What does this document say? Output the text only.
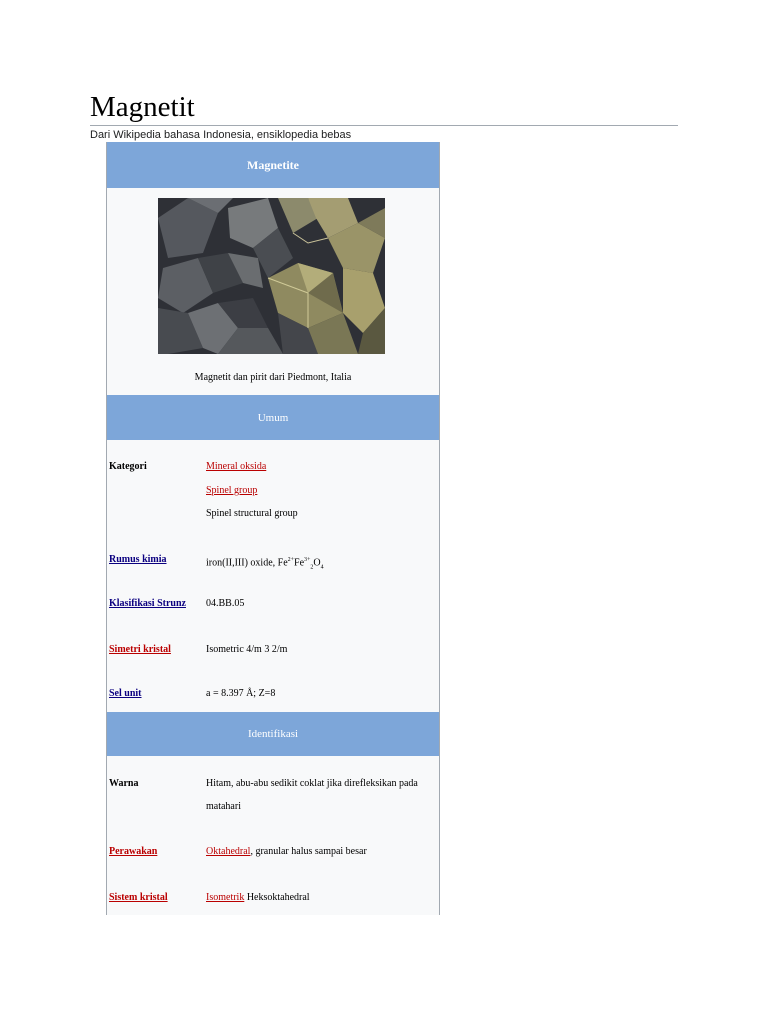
Magnetit
Dari Wikipedia bahasa Indonesia, ensiklopedia bebas
Magnetite
Magnetit dan pirit dari Piedmont, Italia
Umum
Kategori	Mineral oksida
Spinel group
Spinel structural group
Rumus kimia	iron(II,III) oxide, $Fe^{2+}Fe^{3+}_2O_4$
Klasifikasi Strunz 04.BB.05
Simetri kristal	Isometric 4/m 3 2/m
Sel unit	a = 8.397 Å; Z=8
Identifikasi
Warna	Hitam, abu-abu sedikit coklat jika direfleksikan pada
matahari
Perawakan	Oktahedral, granular halus sampai besar
Sistem kristal	Isometrik Heksoktahedral
